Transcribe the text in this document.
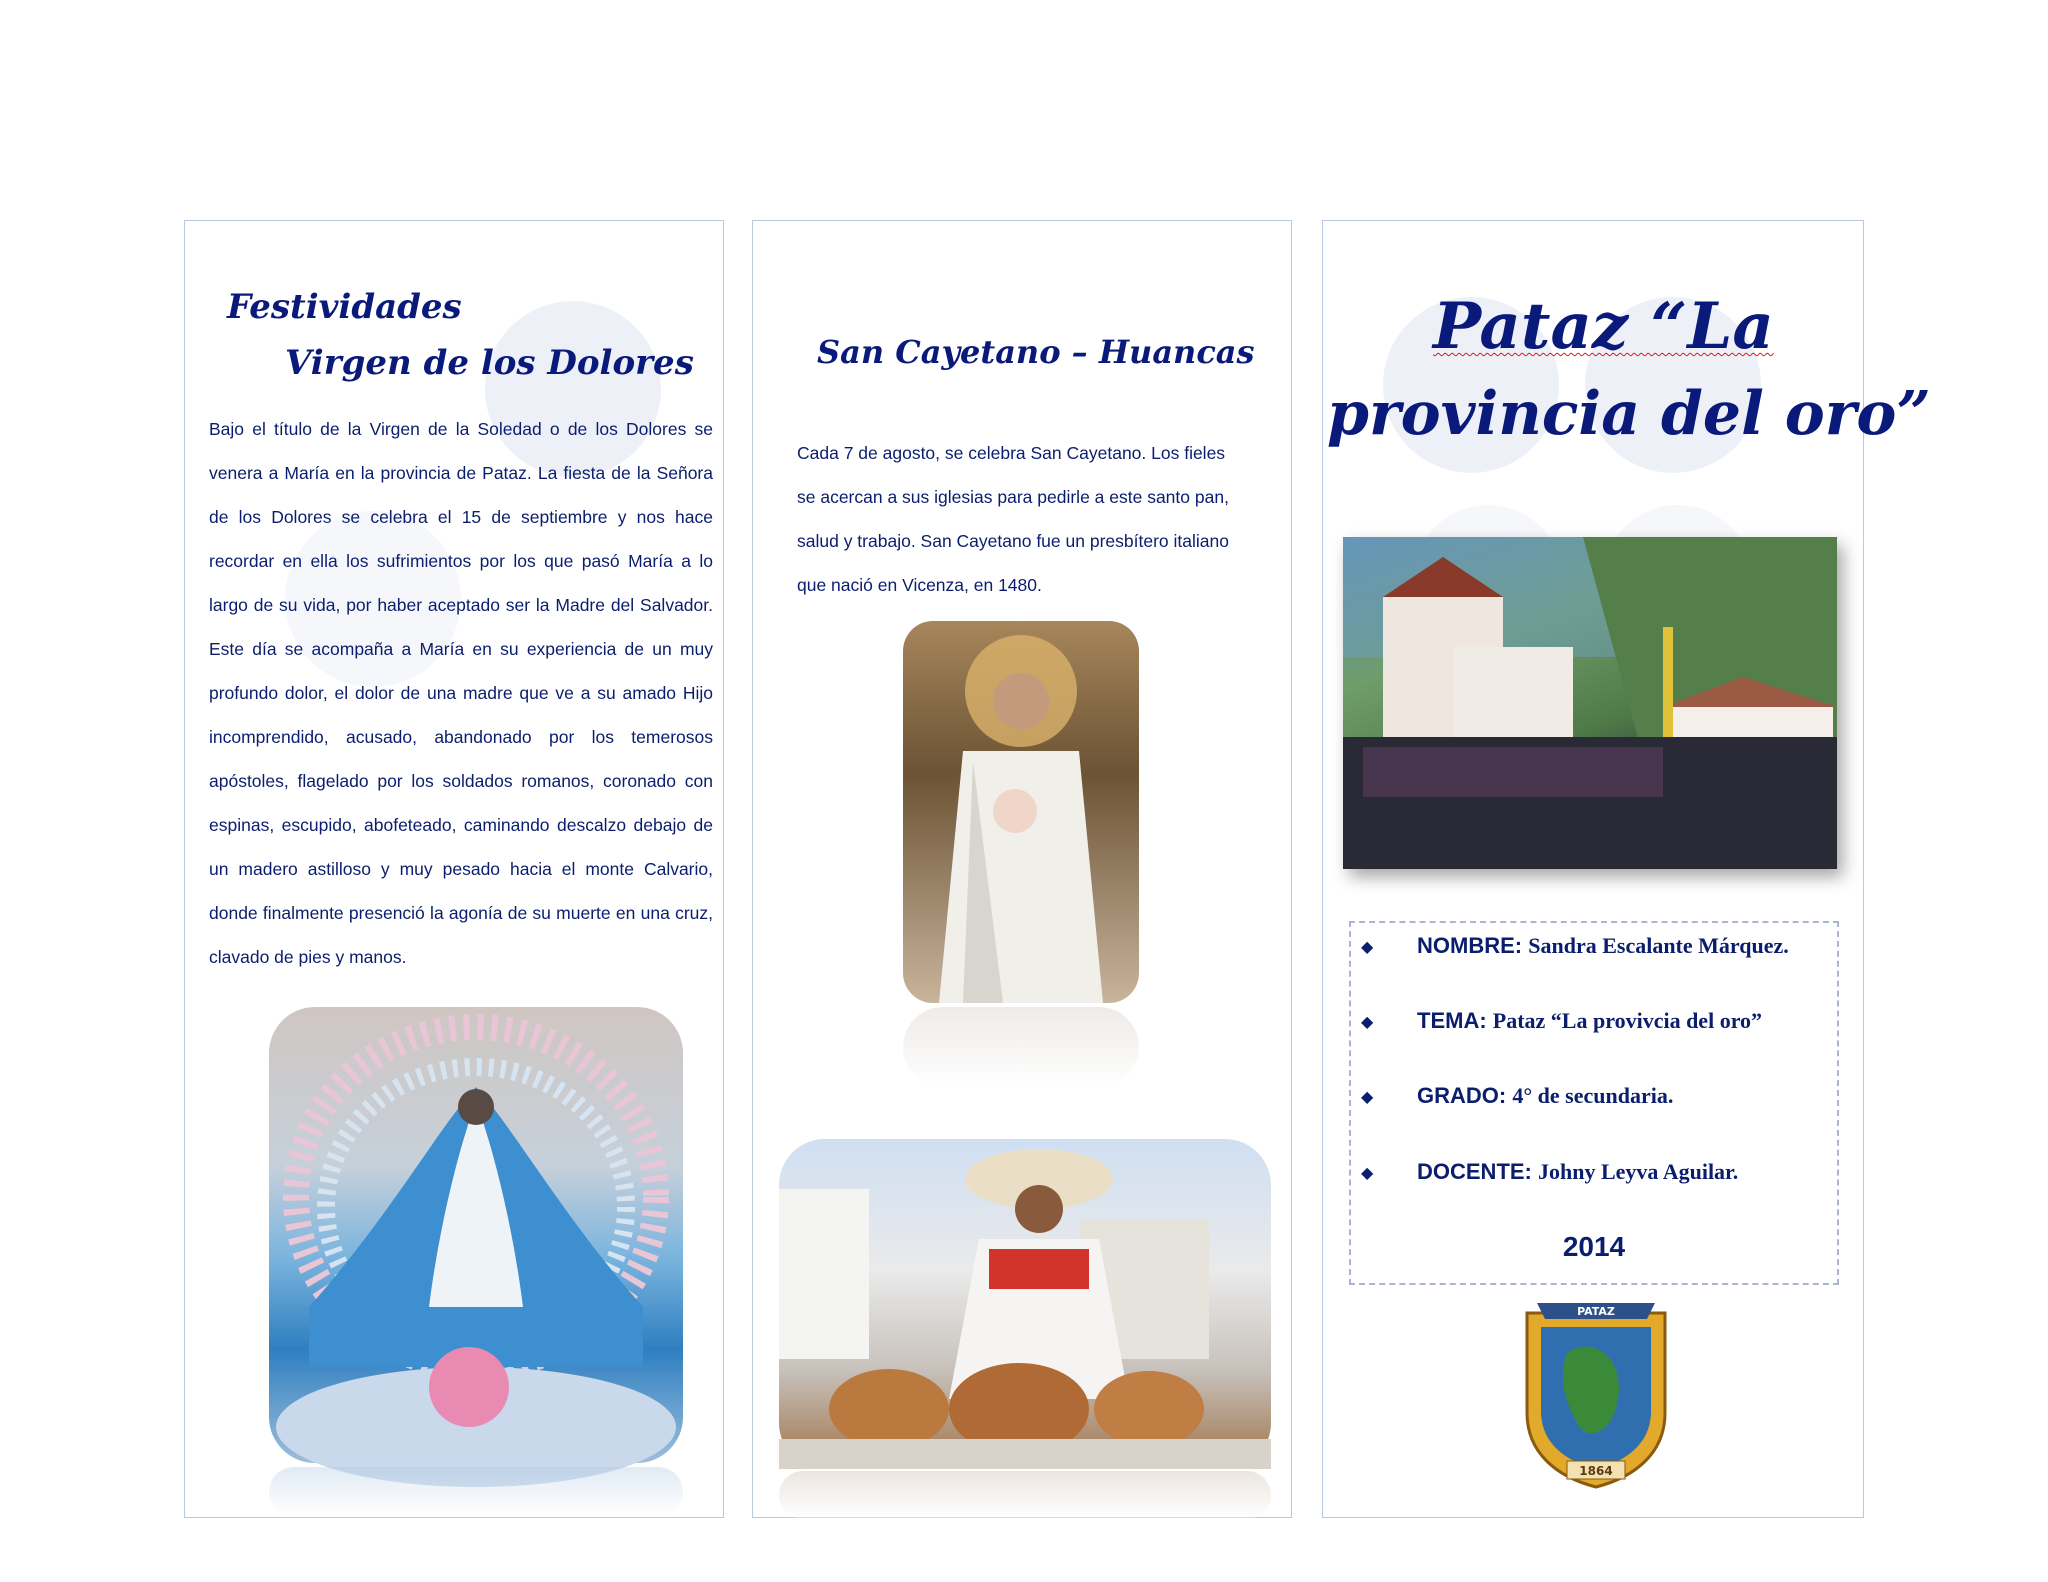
Festividades
Virgen de los Dolores

Bajo el título de la Virgen de la Soledad o de los Dolores se venera a María en la provincia de Pataz. La fiesta de la Señora de los Dolores se celebra el 15 de septiembre y nos hace recordar en ella los sufrimientos por los que pasó María a lo largo de su vida, por haber aceptado ser la Madre del Salvador. Este día se acompaña a María en su experiencia de un muy profundo dolor, el dolor de una madre que ve a su amado Hijo incomprendido, acusado, abandonado por los temerosos apóstoles, flagelado por los soldados romanos, coronado con espinas, escupido, abofeteado, caminando descalzo debajo de un madero astilloso y muy pesado hacia el monte Calvario, donde finalmente presenció la agonía de su muerte en una cruz, clavado de pies y manos.

San Cayetano – Huancas

Cada 7 de agosto, se celebra San Cayetano. Los fieles se acercan a sus iglesias para pedirle a este santo pan, salud y trabajo. San Cayetano fue un presbítero italiano que nació en Vicenza, en 1480.

Pataz “La
provincia del oro”
◆ NOMBRE: Sandra Escalante Márquez.
◆ TEMA: Pataz “La provivcia del oro”
◆ GRADO: 4° de secundaria.
◆ DOCENTE: Johny Leyva Aguilar.
2014
PATAZ
1864
